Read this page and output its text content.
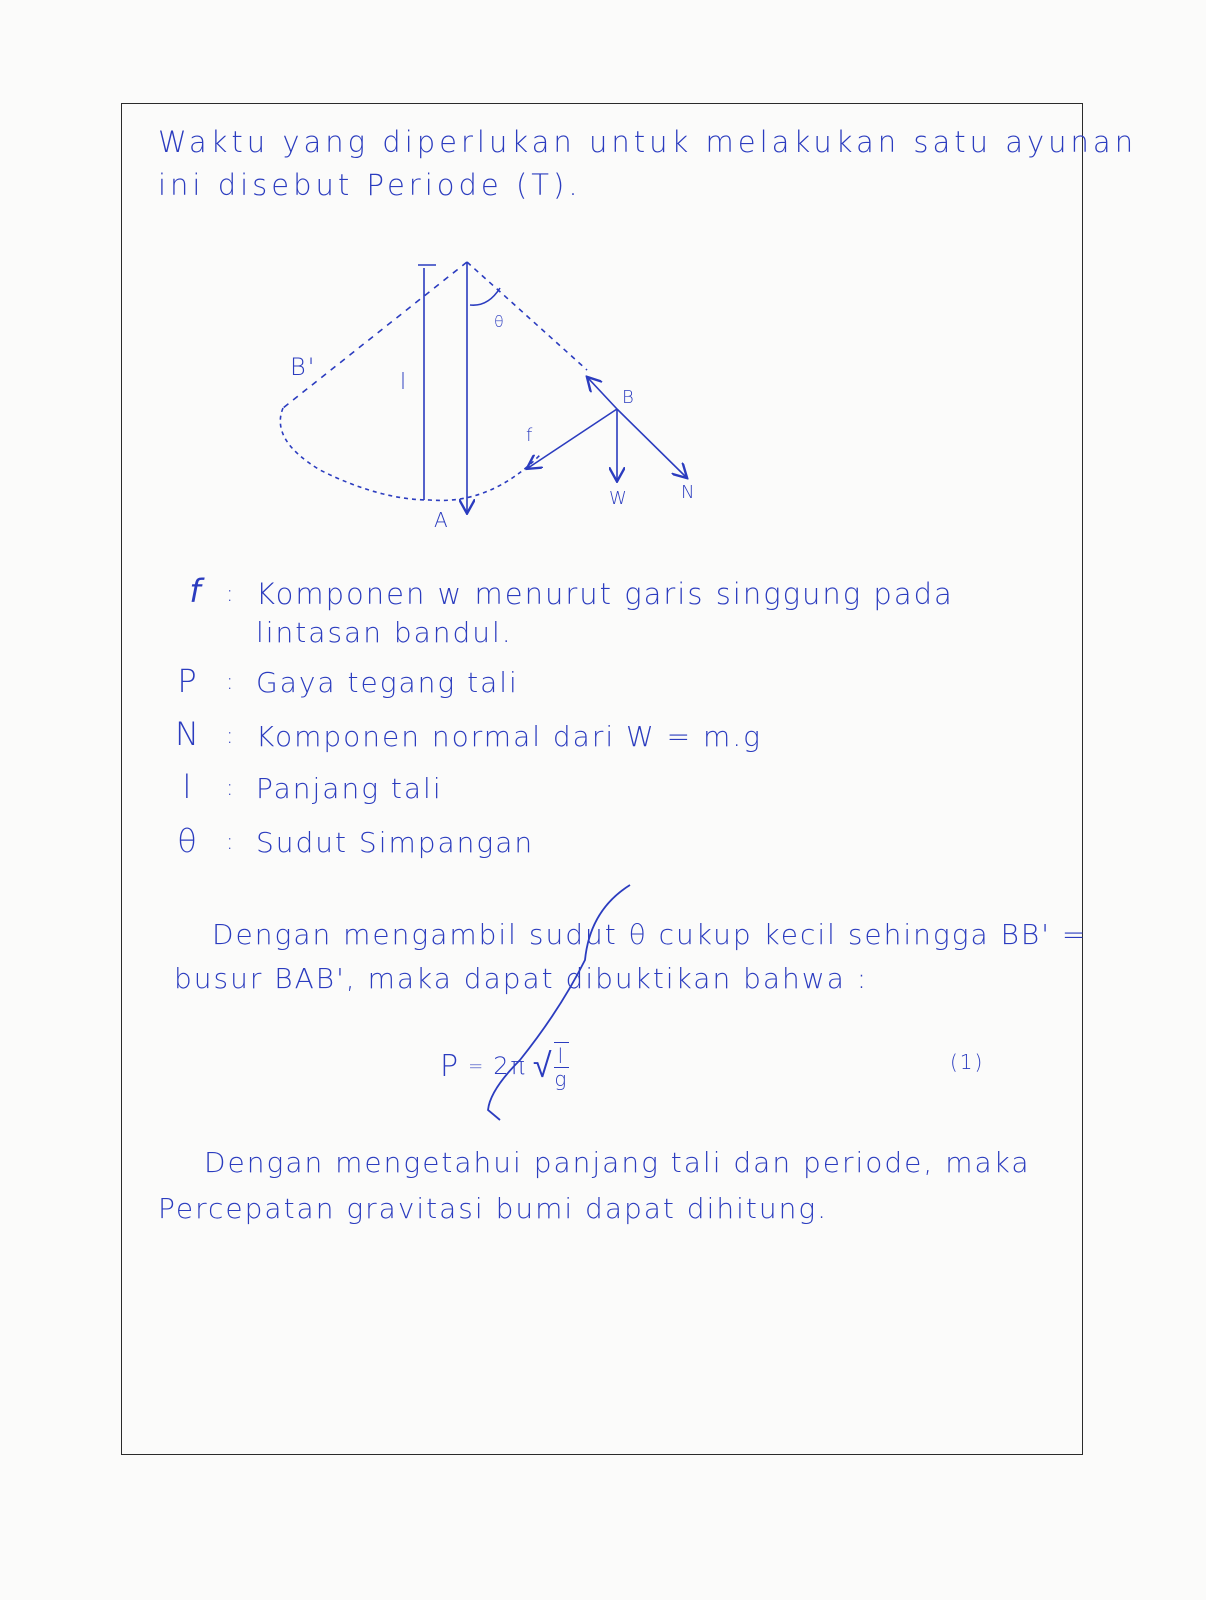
Waktu yang diperlukan untuk melakukan satu ayunan
ini disebut Periode (T).
B'
l
θ
B
f
A
W	N
f	: Komponen w menurut garis singgung pada
lintasan bandul.
P	: Gaya tegang tali
N	: Komponen normal dari W = m.g
l	: Panjang tali
θ	: Sudut Simpangan
Dengan mengambil sudut θ cukup kecil sehingga BB' =
busur BAB', maka dapat dibuktikan bahwa :
P = 2π √ $\frac{l}{g}$	(1)
Dengan mengetahui panjang tali dan periode, maka
Percepatan gravitasi bumi dapat dihitung.
